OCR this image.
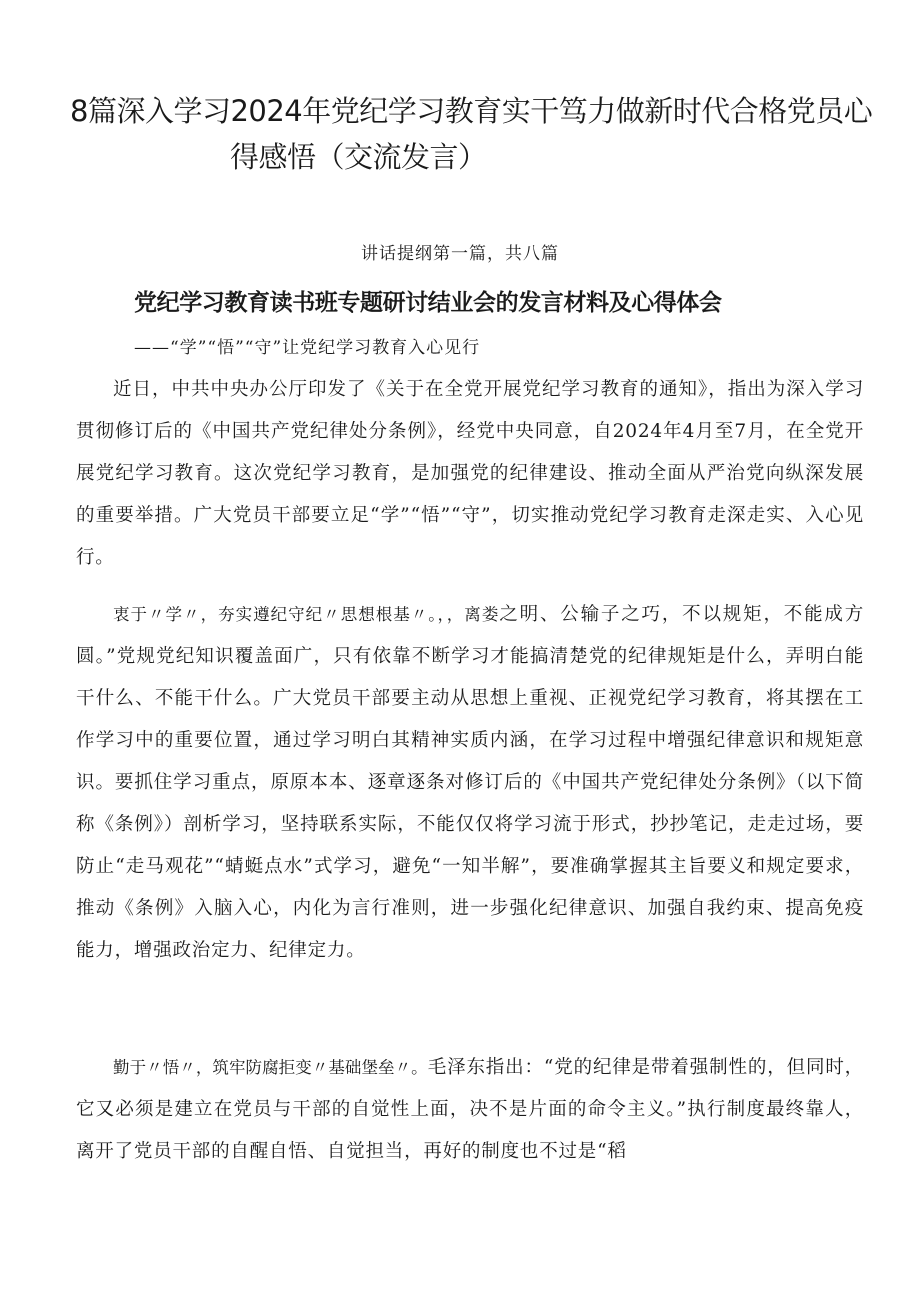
8篇深入学习2024年党纪学习教育实干笃力做新时代合格党员心
得感悟（交流发言）
讲话提纲第一篇，共八篇
党纪学习教育读书班专题研讨结业会的发言材料及心得体会
——“学”“悟”“守”让党纪学习教育入心见行

近日，中共中央办公厅印发了《关于在全党开展党纪学习教育的通知》，指出为深入学习贯彻修订后的《中国共产党纪律处分条例》，经党中央同意，自2024年4月至7月，在全党开展党纪学习教育。这次党纪学习教育，是加强党的纪律建设、推动全面从严治党向纵深发展的重要举措。广大党员干部要立足“学”“悟”“守”，切实推动党纪学习教育走深走实、入心见行。

衷于〃学〃，夯实遵纪守纪〃思想根基〃。，，离娄之明、公输子之巧，不以规矩，不能成方圆。”党规党纪知识覆盖面广，只有依靠不断学习才能搞清楚党的纪律规矩是什么，弄明白能干什么、不能干什么。广大党员干部要主动从思想上重视、正视党纪学习教育，将其摆在工作学习中的重要位置，通过学习明白其精神实质内涵，在学习过程中增强纪律意识和规矩意识。要抓住学习重点，原原本本、逐章逐条对修订后的《中国共产党纪律处分条例》（以下简称《条例》）剖析学习，坚持联系实际，不能仅仅将学习流于形式，抄抄笔记，走走过场，要防止“走马观花”“蜻蜓点水”式学习，避免“一知半解”，要准确掌握其主旨要义和规定要求，推动《条例》入脑入心，内化为言行准则，进一步强化纪律意识、加强自我约束、提高免疫能力，增强政治定力、纪律定力。

勤于〃悟〃，筑牢防腐拒变〃基础堡垒〃。毛泽东指出：“党的纪律是带着强制性的，但同时，它又必须是建立在党员与干部的自觉性上面，决不是片面的命令主义。”执行制度最终靠人，离开了党员干部的自醒自悟、自觉担当，再好的制度也不过是“稻
